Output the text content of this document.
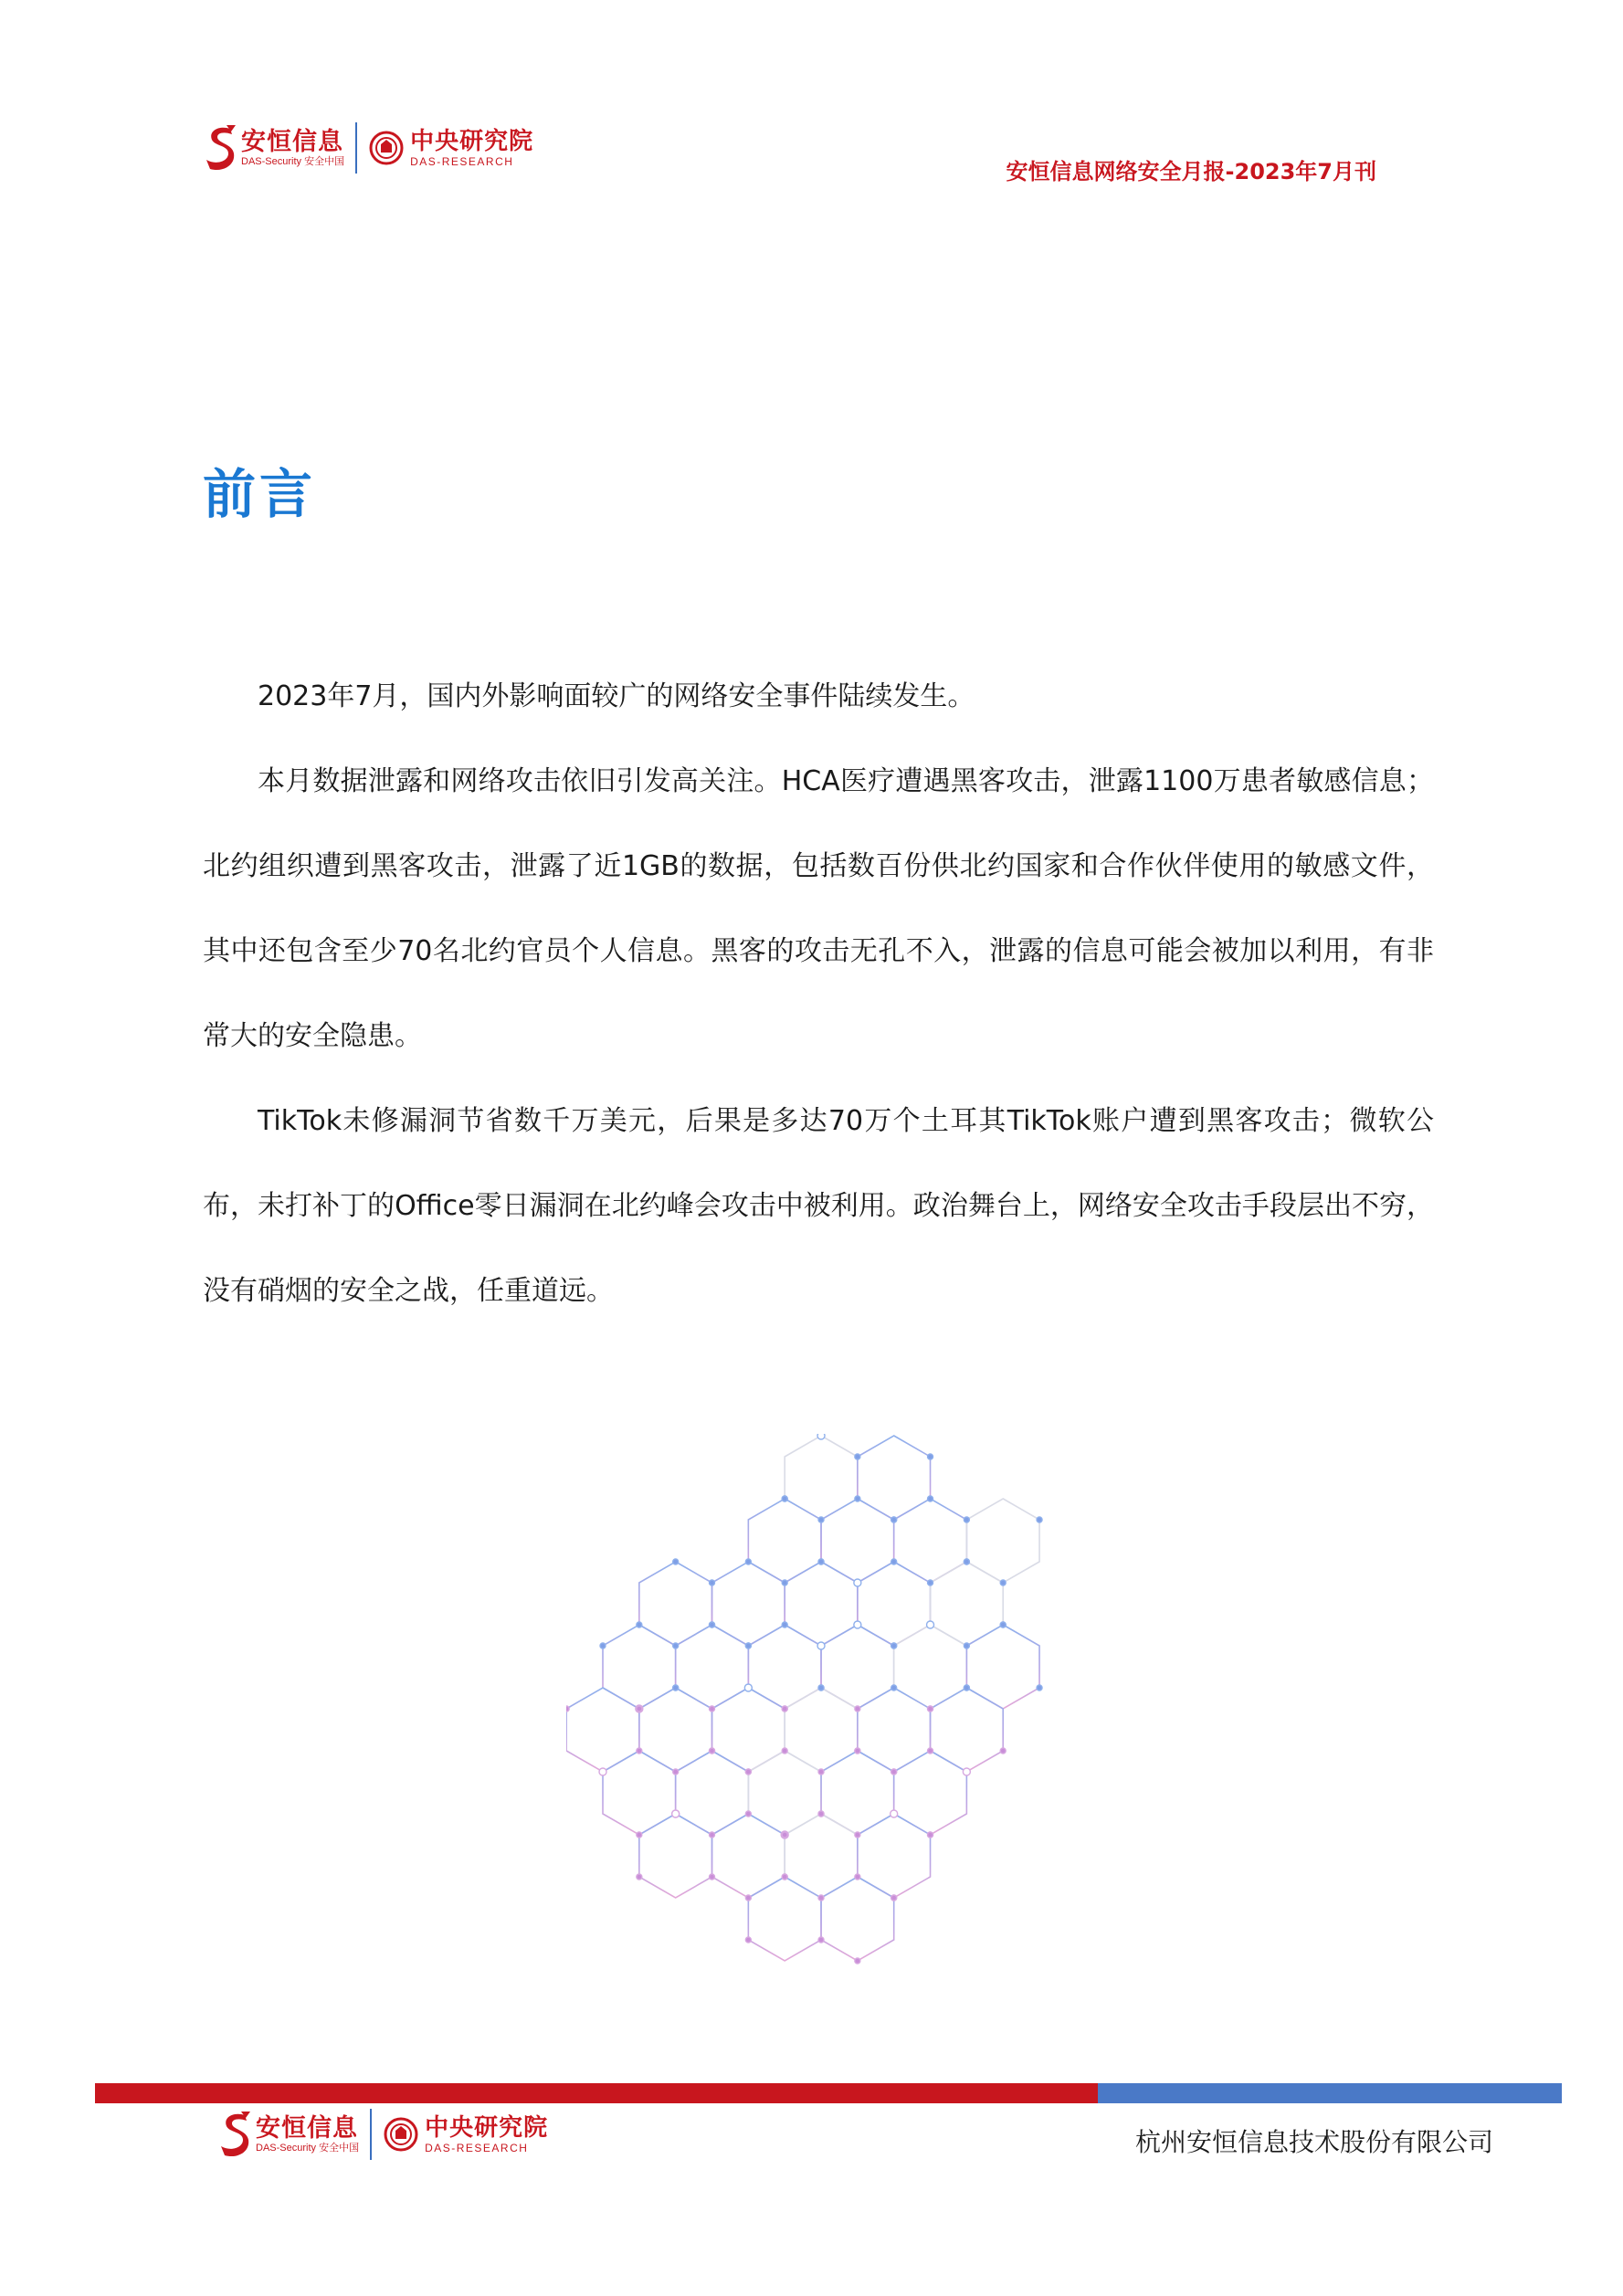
安恒信息
DAS-Security 安全中国
中央研究院
DAS-RESEARCH	安恒信息网络安全月报-2023年7月刊
前言

2023年7月，国内外影响面较广的网络安全事件陆续发生。

本月数据泄露和网络攻击依旧引发高关注。HCA医疗遭遇黑客攻击，泄露1100万患者敏感信息；北约组织遭到黑客攻击，泄露了近1GB的数据，包括数百份供北约国家和合作伙伴使用的敏感文件，其中还包含至少70名北约官员个人信息。黑客的攻击无孔不入，泄露的信息可能会被加以利用，有非常大的安全隐患。

TikTok未修漏洞节省数千万美元，后果是多达70万个土耳其TikTok账户遭到黑客攻击；微软公布，未打补丁的Office零日漏洞在北约峰会攻击中被利用。政治舞台上，网络安全攻击手段层出不穷，没有硝烟的安全之战，任重道远。

安恒信息
DAS-Security 安全中国
中央研究院
DAS-RESEARCH	杭州安恒信息技术股份有限公司
